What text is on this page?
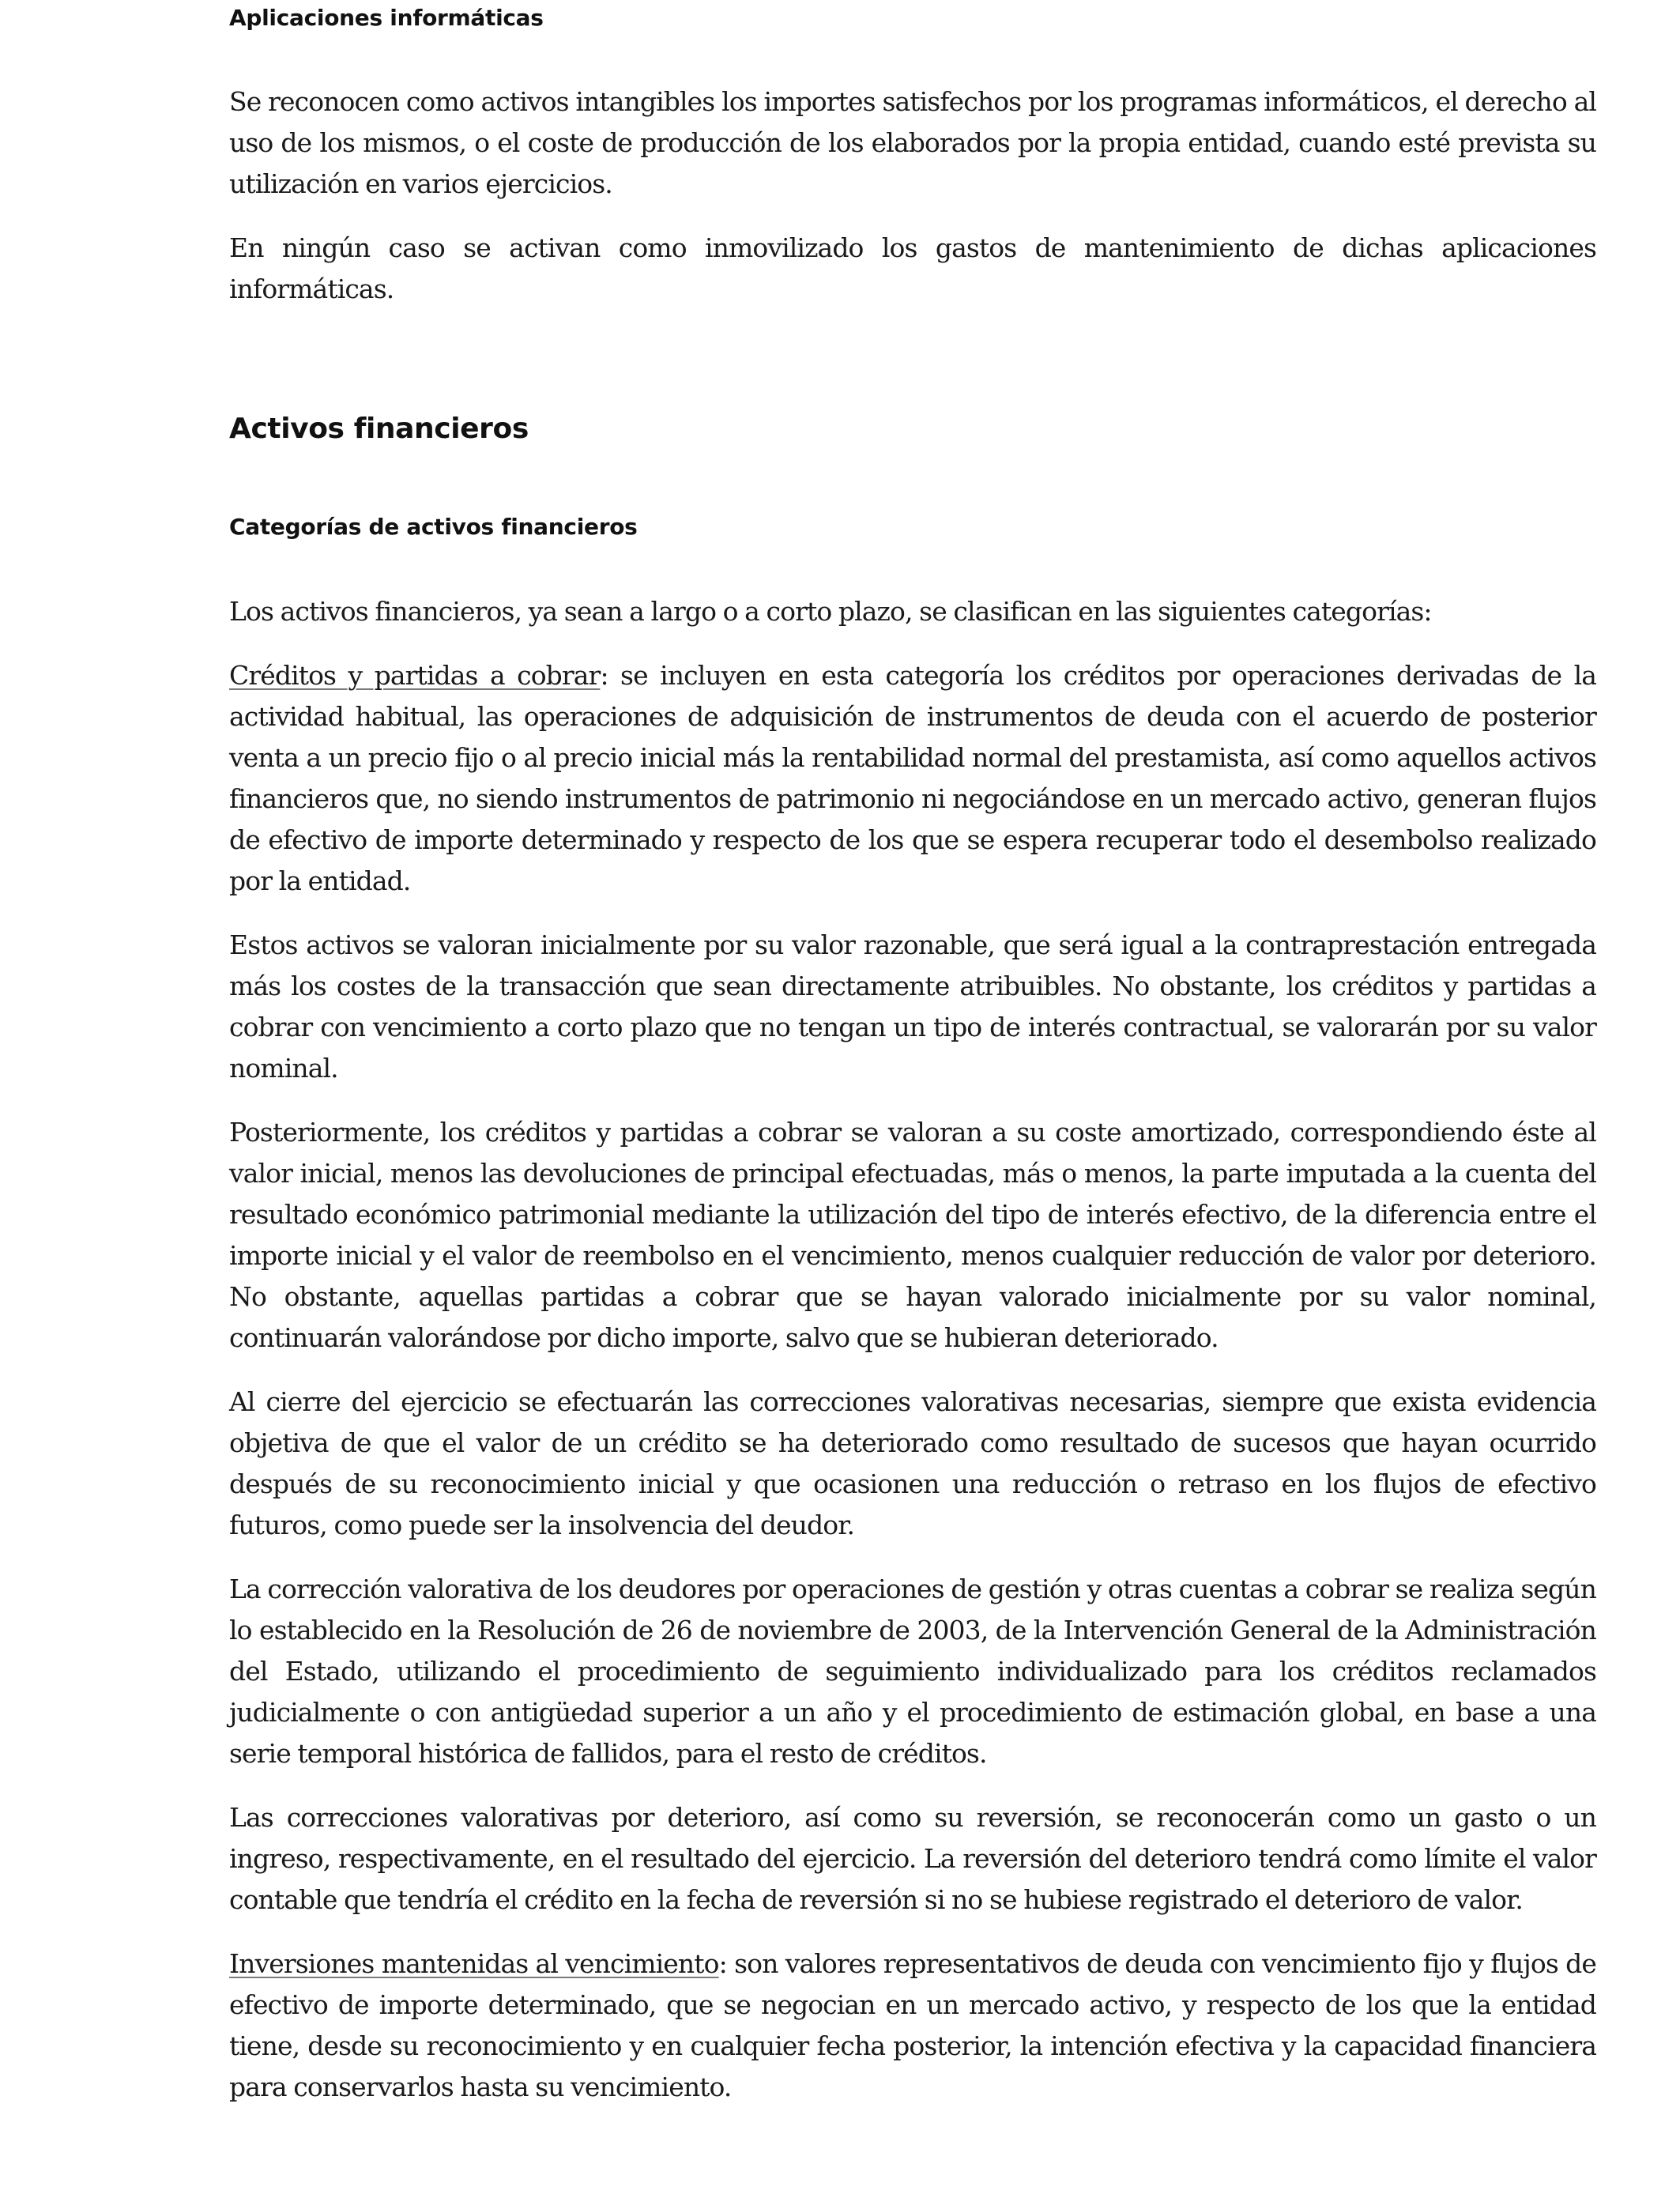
Aplicaciones informáticas

Se reconocen como activos intangibles los importes satisfechos por los programas informáticos, el derecho al uso de los mismos, o el coste de producción de los elaborados por la propia entidad, cuando esté prevista su utilización en varios ejercicios.

En ningún caso se activan como inmovilizado los gastos de mantenimiento de dichas aplicaciones informáticas.

Activos financieros
Categorías de activos financieros

Los activos financieros, ya sean a largo o a corto plazo, se clasifican en las siguientes categorías:

Créditos y partidas a cobrar: se incluyen en esta categoría los créditos por operaciones derivadas de la actividad habitual, las operaciones de adquisición de instrumentos de deuda con el acuerdo de posterior venta a un precio fijo o al precio inicial más la rentabilidad normal del prestamista, así como aquellos activos financieros que, no siendo instrumentos de patrimonio ni negociándose en un mercado activo, generan flujos de efectivo de importe determinado y respecto de los que se espera recuperar todo el desembolso realizado por la entidad.

Estos activos se valoran inicialmente por su valor razonable, que será igual a la contraprestación entregada más los costes de la transacción que sean directamente atribuibles. No obstante, los créditos y partidas a cobrar con vencimiento a corto plazo que no tengan un tipo de interés contractual, se valorarán por su valor nominal.

Posteriormente, los créditos y partidas a cobrar se valoran a su coste amortizado, correspondiendo éste al valor inicial, menos las devoluciones de principal efectuadas, más o menos, la parte imputada a la cuenta del resultado económico patrimonial mediante la utilización del tipo de interés efectivo, de la diferencia entre el importe inicial y el valor de reembolso en el vencimiento, menos cualquier reducción de valor por deterioro. No obstante, aquellas partidas a cobrar que se hayan valorado inicialmente por su valor nominal, continuarán valorándose por dicho importe, salvo que se hubieran deteriorado.

Al cierre del ejercicio se efectuarán las correcciones valorativas necesarias, siempre que exista evidencia objetiva de que el valor de un crédito se ha deteriorado como resultado de sucesos que hayan ocurrido después de su reconocimiento inicial y que ocasionen una reducción o retraso en los flujos de efectivo futuros, como puede ser la insolvencia del deudor.

La corrección valorativa de los deudores por operaciones de gestión y otras cuentas a cobrar se realiza según lo establecido en la Resolución de 26 de noviembre de 2003, de la Intervención General de la Administración del Estado, utilizando el procedimiento de seguimiento individualizado para los créditos reclamados judicialmente o con antigüedad superior a un año y el procedimiento de estimación global, en base a una serie temporal histórica de fallidos, para el resto de créditos.

Las correcciones valorativas por deterioro, así como su reversión, se reconocerán como un gasto o un ingreso, respectivamente, en el resultado del ejercicio. La reversión del deterioro tendrá como límite el valor contable que tendría el crédito en la fecha de reversión si no se hubiese registrado el deterioro de valor.

Inversiones mantenidas al vencimiento: son valores representativos de deuda con vencimiento fijo y flujos de efectivo de importe determinado, que se negocian en un mercado activo, y respecto de los que la entidad tiene, desde su reconocimiento y en cualquier fecha posterior, la intención efectiva y la capacidad financiera para conservarlos hasta su vencimiento.
